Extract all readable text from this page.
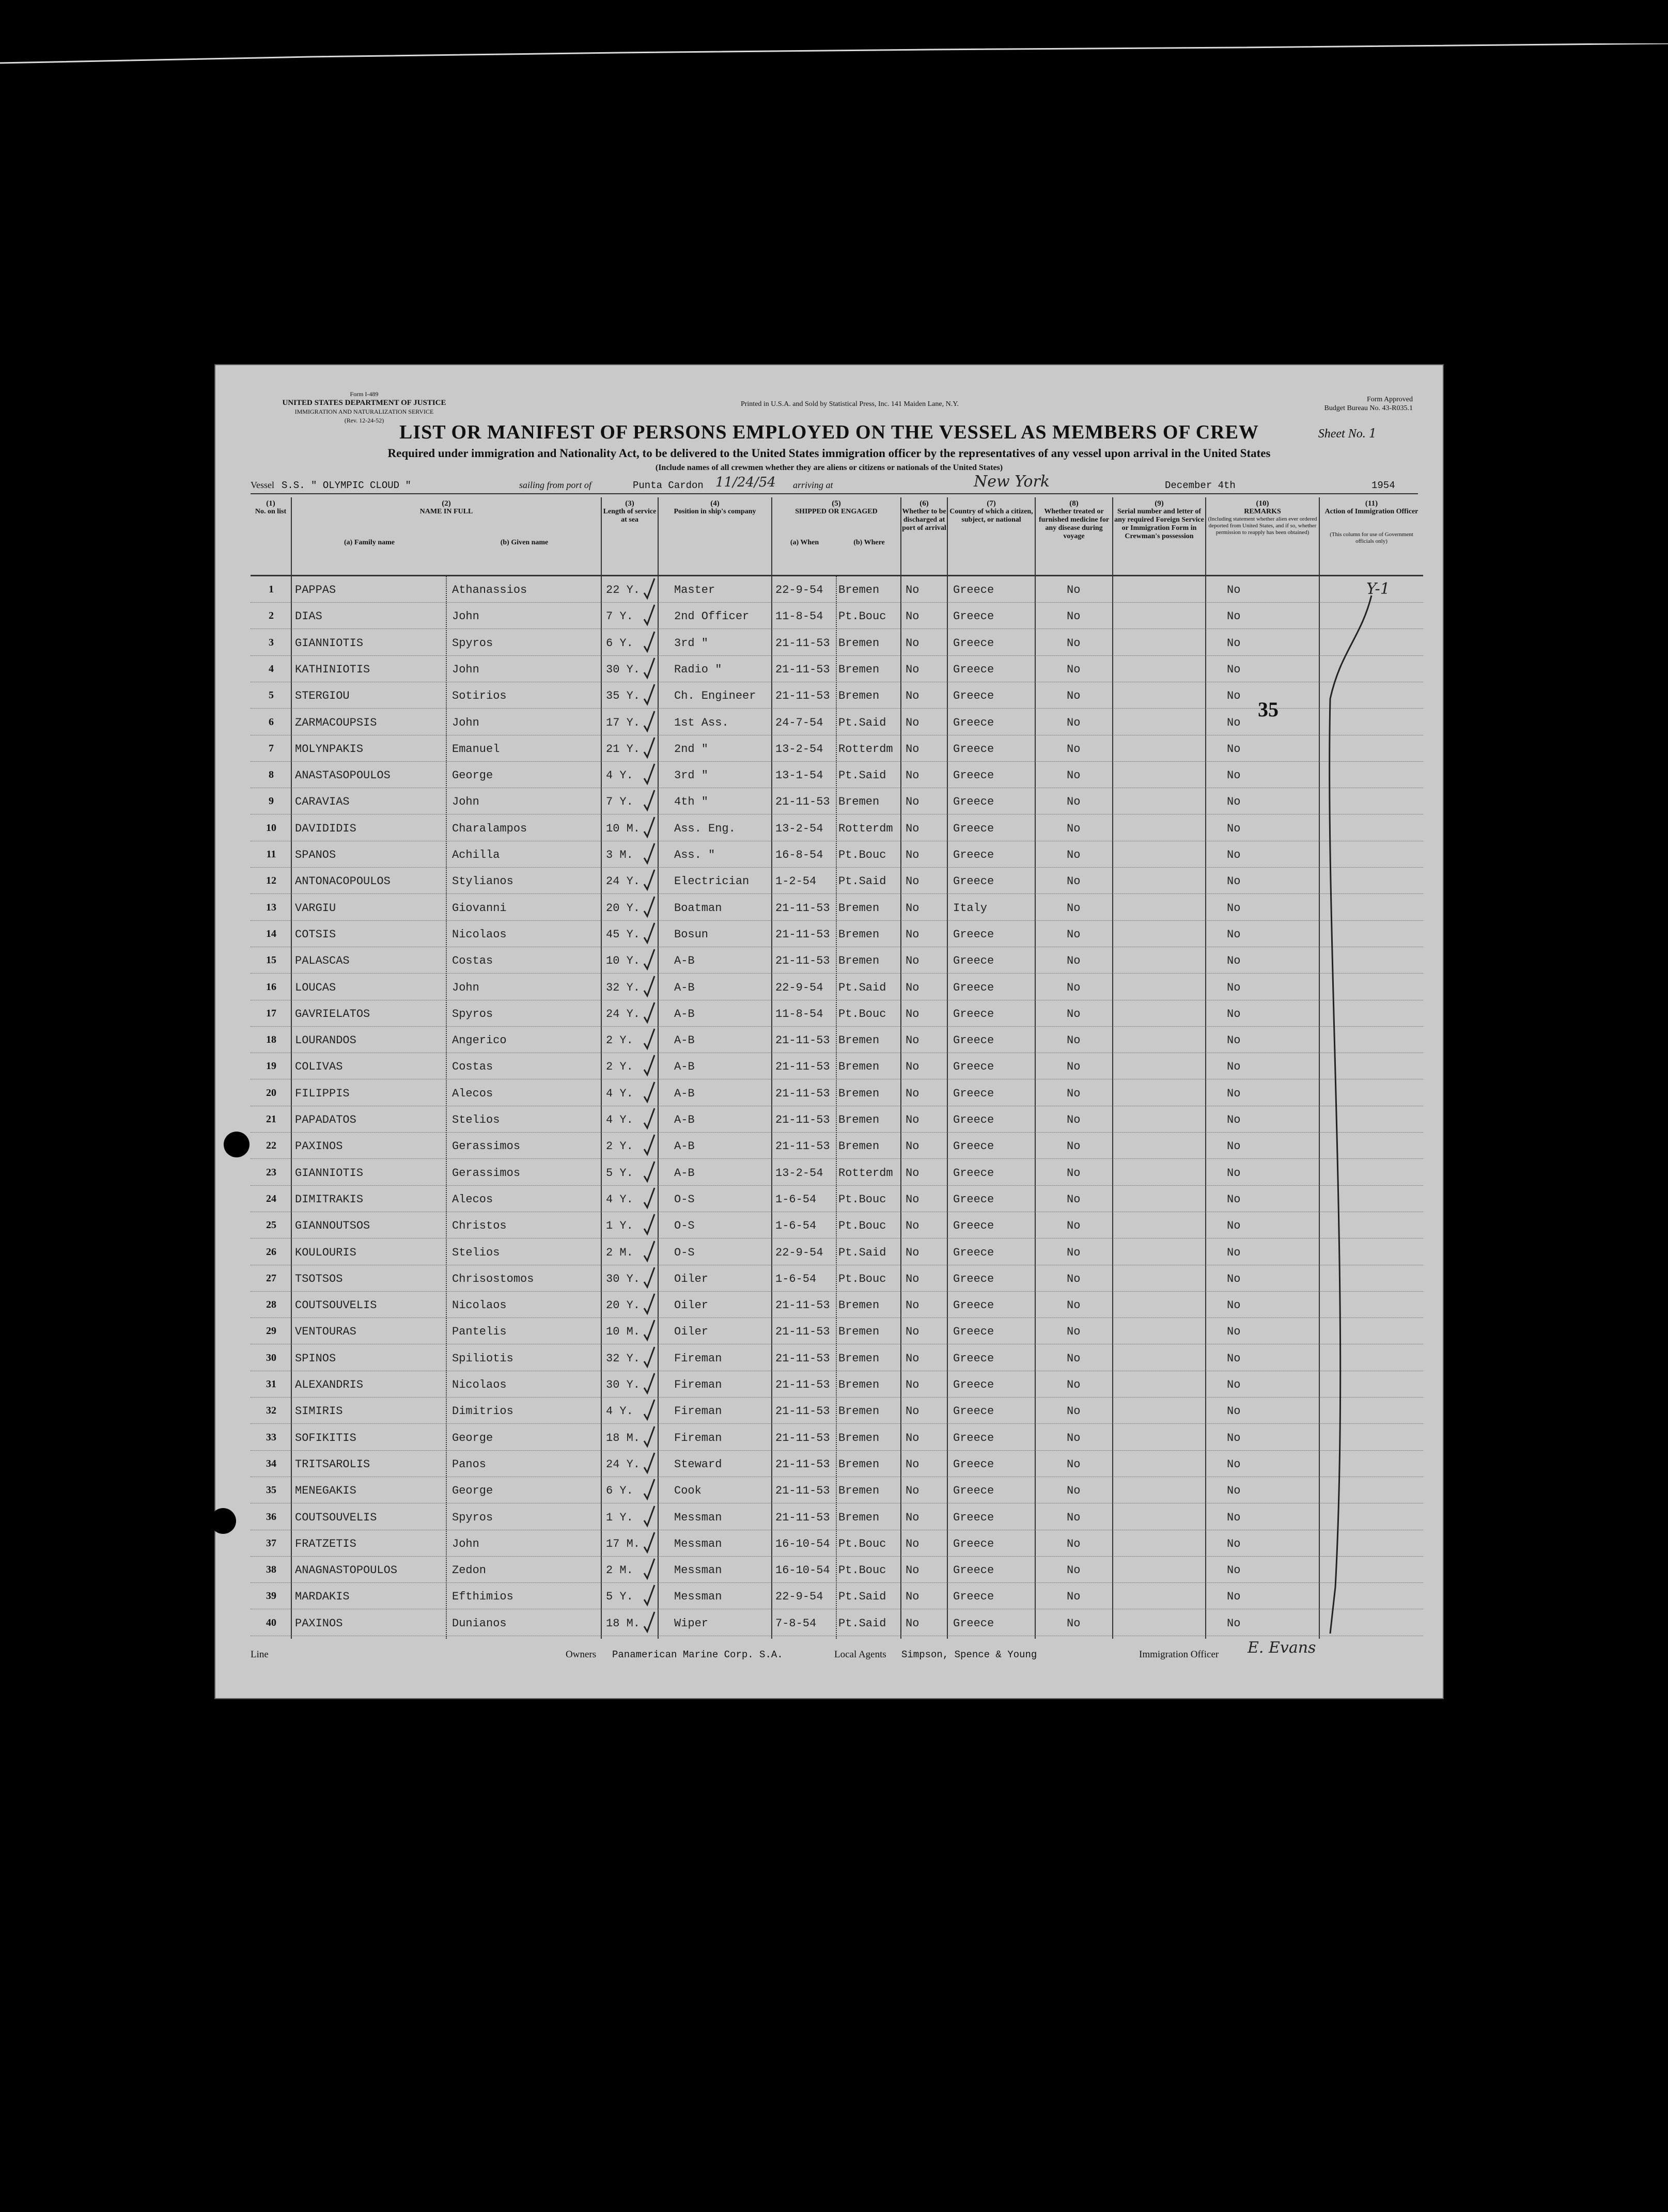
Form I-489
UNITED STATES DEPARTMENT OF JUSTICE
IMMIGRATION AND NATURALIZATION SERVICE
(Rev. 12-24-52)
Printed in U.S.A. and Sold by Statistical Press, Inc. 141 Maiden Lane, N.Y.
Form Approved
Budget Bureau No. 43-R035.1
LIST OR MANIFEST OF PERSONS EMPLOYED ON THE VESSEL AS MEMBERS OF CREW	Sheet No. 1
Required under immigration and Nationality Act, to be delivered to the United States immigration officer by the representatives of any vessel upon arrival in the United States
(Include names of all crewmen whether they are aliens or citizens or nationals of the United States)
Vessel S.S. " OLYMPIC CLOUD "	sailing from port of	Punta Cardon 11/24/54 arriving at	New York	December 4th	1954
(1)
No. on list
(2)
NAME IN FULL
(a) Family name	(b) Given name
(3)
Length of service at sea
(4)
Position in ship's company
(5)
SHIPPED OR ENGAGED
(a) When	(b) Where
(6)
Whether to be discharged at port of arrival
(7)
Country of which a citizen, subject, or national
(8)
Whether treated or furnished medicine for any disease during voyage
(9)
Serial number and letter of any required Foreign Service or Immigration Form in Crewman's possession
(10)
REMARKS
(Including statement whether alien ever ordered deported from United States, and if so, whether permission to reapply has been obtained)
(11)
Action of Immigration Officer
(This column for use of Government officials only)
1	PAPPAS	Athanassios	22 Y.	Master	22-9-54 Bremen No	Greece	No	No
2	DIAS	John	7 Y.	2nd Officer 11-8-54 Pt.Bouc No	Greece	No	No
3	GIANNIOTIS	Spyros	6 Y.	3rd "	21-11-53 Bremen No	Greece	No	No
4	KATHINIOTIS	John	30 Y.	Radio "	21-11-53 Bremen No	Greece	No	No
5	STERGIOU	Sotirios	35 Y.	Ch. Engineer 21-11-53 Bremen No	Greece	No	No
6	ZARMACOUPSIS	John	17 Y.	1st Ass.	24-7-54 Pt.Said No	Greece	No	No
7	MOLYNPAKIS	Emanuel	21 Y.	2nd "	13-2-54 Rotterdm No	Greece	No	No
8	ANASTASOPOULOS	George	4 Y.	3rd "	13-1-54 Pt.Said No	Greece	No	No
9	CARAVIAS	John	7 Y.	4th "	21-11-53 Bremen No	Greece	No	No
10	DAVIDIDIS	Charalampos	10 M.	Ass. Eng.	13-2-54 Rotterdm No	Greece	No	No
11	SPANOS	Achilla	3 M.	Ass. "	16-8-54 Pt.Bouc No	Greece	No	No
12	ANTONACOPOULOS	Stylianos	24 Y.	Electrician 1-2-54 Pt.Said No	Greece	No	No
13	VARGIU	Giovanni	20 Y.	Boatman	21-11-53 Bremen No	Italy	No	No
14	COTSIS	Nicolaos	45 Y.	Bosun	21-11-53 Bremen No	Greece	No	No
15	PALASCAS	Costas	10 Y.	A-B	21-11-53 Bremen No	Greece	No	No
16	LOUCAS	John	32 Y.	A-B	22-9-54 Pt.Said No	Greece	No	No
17	GAVRIELATOS	Spyros	24 Y.	A-B	11-8-54 Pt.Bouc No	Greece	No	No
18	LOURANDOS	Angerico	2 Y.	A-B	21-11-53 Bremen No	Greece	No	No
19	COLIVAS	Costas	2 Y.	A-B	21-11-53 Bremen No	Greece	No	No
20	FILIPPIS	Alecos	4 Y.	A-B	21-11-53 Bremen No	Greece	No	No
21	PAPADATOS	Stelios	4 Y.	A-B	21-11-53 Bremen No	Greece	No	No
22	PAXINOS	Gerassimos	2 Y.	A-B	21-11-53 Bremen No	Greece	No	No
23	GIANNIOTIS	Gerassimos	5 Y.	A-B	13-2-54 Rotterdm No	Greece	No	No
24	DIMITRAKIS	Alecos	4 Y.	O-S	1-6-54 Pt.Bouc No	Greece	No	No
25	GIANNOUTSOS	Christos	1 Y.	O-S	1-6-54 Pt.Bouc No	Greece	No	No
26	KOULOURIS	Stelios	2 M.	O-S	22-9-54 Pt.Said No	Greece	No	No
27	TSOTSOS	Chrisostomos	30 Y.	Oiler	1-6-54 Pt.Bouc No	Greece	No	No
28	COUTSOUVELIS	Nicolaos	20 Y.	Oiler	21-11-53 Bremen No	Greece	No	No
29	VENTOURAS	Pantelis	10 M.	Oiler	21-11-53 Bremen No	Greece	No	No
30	SPINOS	Spiliotis	32 Y.	Fireman	21-11-53 Bremen No	Greece	No	No
31	ALEXANDRIS	Nicolaos	30 Y.	Fireman	21-11-53 Bremen No	Greece	No	No
32	SIMIRIS	Dimitrios	4 Y.	Fireman	21-11-53 Bremen No	Greece	No	No
33	SOFIKITIS	George	18 M.	Fireman	21-11-53 Bremen No	Greece	No	No
34	TRITSAROLIS	Panos	24 Y.	Steward	21-11-53 Bremen No	Greece	No	No
35	MENEGAKIS	George	6 Y.	Cook	21-11-53 Bremen No	Greece	No	No
36	COUTSOUVELIS	Spyros	1 Y.	Messman	21-11-53 Bremen No	Greece	No	No
37	FRATZETIS	John	17 M.	Messman	16-10-54 Pt.Bouc No	Greece	No	No
38	ANAGNASTOPOULOS	Zedon	2 M.	Messman	16-10-54 Pt.Bouc No	Greece	No	No
39	MARDAKIS	Efthimios	5 Y.	Messman	22-9-54 Pt.Said No	Greece	No	No
40	PAXINOS	Dunianos	18 M.	Wiper	7-8-54 Pt.Said No	Greece	No	No
Y-1
35
Line	Owners Panamerican Marine Corp. S.A.	Local Agents Simpson, Spence & Young	Immigration Officer E. Evans
